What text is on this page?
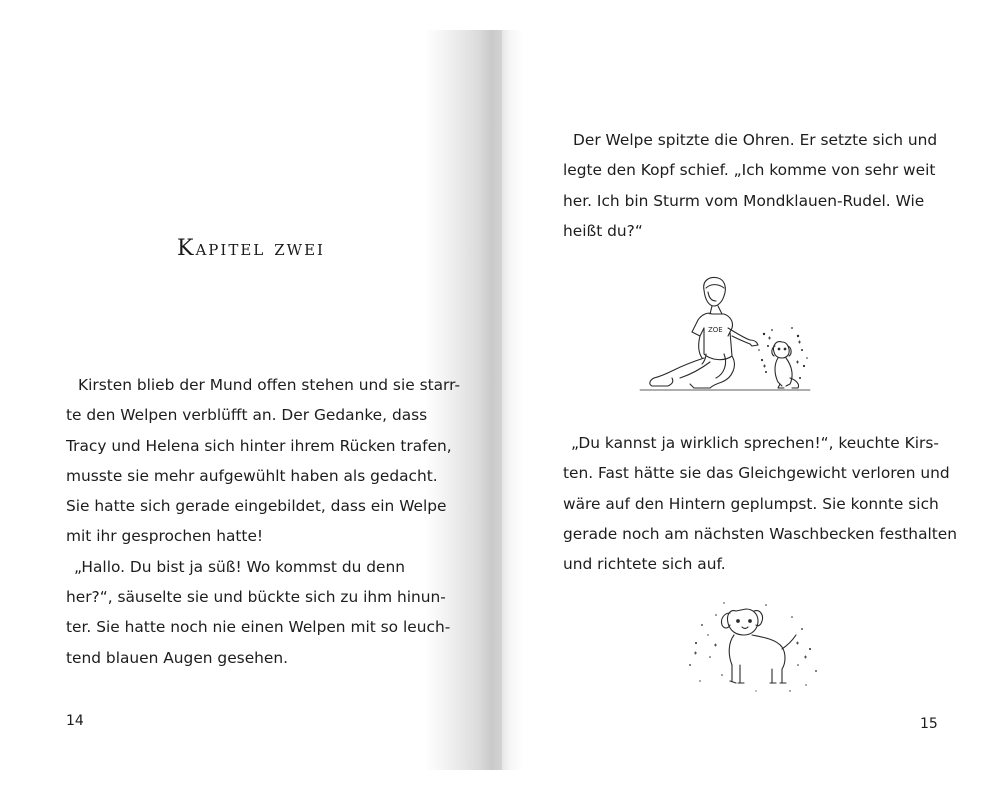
Kapitel zwei
Kirsten blieb der Mund offen stehen und sie starr-
te den Welpen verblüfft an. Der Gedanke, dass
Tracy und Helena sich hinter ihrem Rücken trafen,
musste sie mehr aufgewühlt haben als gedacht.
Sie hatte sich gerade eingebildet, dass ein Welpe
mit ihr gesprochen hatte!
„Hallo. Du bist ja süß! Wo kommst du denn
her?“, säuselte sie und bückte sich zu ihm hinun-
ter. Sie hatte noch nie einen Welpen mit so leuch-
tend blauen Augen gesehen.
14
Der Welpe spitzte die Ohren. Er setzte sich und
legte den Kopf schief. „Ich komme von sehr weit
her. Ich bin Sturm vom Mondklauen-Rudel. Wie
heißt du?“
ZOE
„Du kannst ja wirklich sprechen!“, keuchte Kirs-
ten. Fast hätte sie das Gleichgewicht verloren und
wäre auf den Hintern geplumpst. Sie konnte sich
gerade noch am nächsten Waschbecken festhalten
und richtete sich auf.
15
